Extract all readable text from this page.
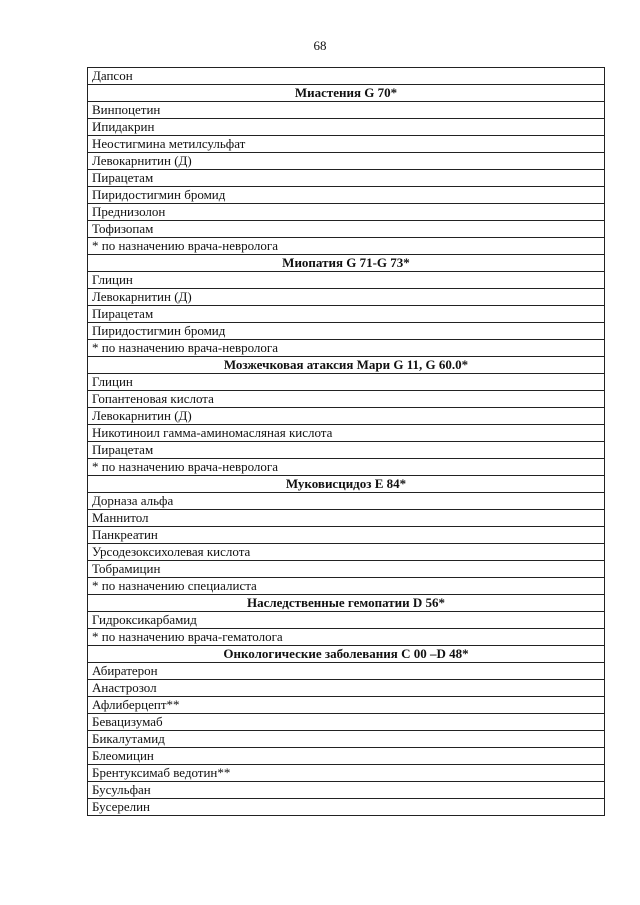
68
Дапсон
Миастения G 70*
Винпоцетин
Ипидакрин
Неостигмина метилсульфат
Левокарнитин (Д)
Пирацетам
Пиридостигмин бромид
Преднизолон
Тофизопам
* по назначению врача-невролога
Миопатия G 71-G 73*
Глицин
Левокарнитин (Д)
Пирацетам
Пиридостигмин бромид
* по назначению врача-невролога
Мозжечковая атаксия Мари G 11, G 60.0*
Глицин
Гопантеновая кислота
Левокарнитин (Д)
Никотиноил гамма-аминомасляная кислота
Пирацетам
* по назначению врача-невролога
Муковисцидоз Е 84*
Дорназа альфа
Маннитол
Панкреатин
Урсодезоксихолевая кислота
Тобрамицин
* по назначению специалиста
Наследственные гемопатии D 56*
Гидроксикарбамид
* по назначению врача-гематолога
Онкологические заболевания С 00 –D 48*
Абиратерон
Анастрозол
Афлиберцепт**
Бевацизумаб
Бикалутамид
Блеомицин
Брентуксимаб ведотин**
Бусульфан
Бусерелин
